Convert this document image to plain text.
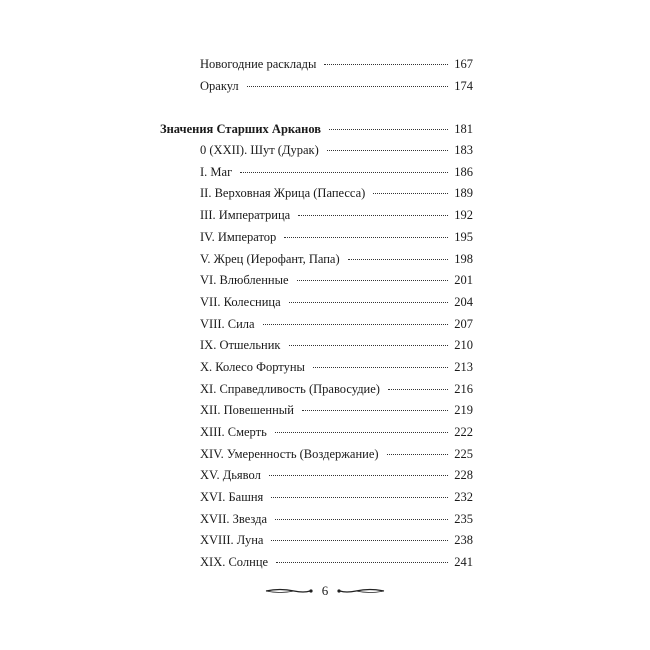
Новогодние расклады	167
Оракул	174
Значения Старших Арканов	181
0 (XXII). Шут (Дурак)	183
I. Маг	186
II. Верховная Жрица (Папесса)	189
III. Императрица	192
IV. Император	195
V. Жрец (Иерофант, Папа)	198
VI. Влюбленные	201
VII. Колесница	204
VIII. Сила	207
IX. Отшельник	210
X. Колесо Фортуны	213
XI. Справедливость (Правосудие)	216
XII. Повешенный	219
XIII. Смерть	222
XIV. Умеренность (Воздержание)	225
XV. Дьявол	228
XVI. Башня	232
XVII. Звезда	235
XVIII. Луна	238
XIX. Солнце	241
6
